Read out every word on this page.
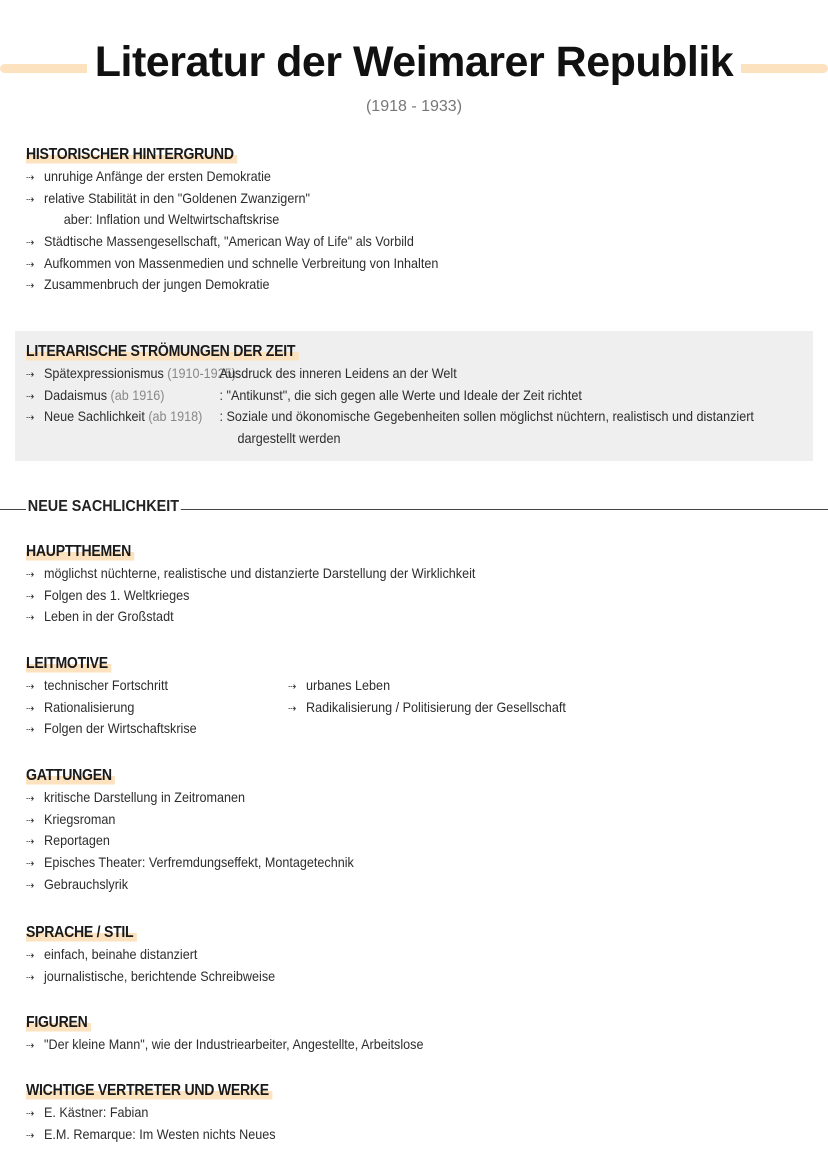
Literatur der Weimarer Republik
(1918 - 1933)
HISTORISCHER HINTERGRUND
⇢ unruhige Anfänge der ersten Demokratie
⇢ relative Stabilität in den "Goldenen Zwanzigern"
aber: Inflation und Weltwirtschaftskrise
⇢ Städtische Massengesellschaft, "American Way of Life" als Vorbild
⇢ Aufkommen von Massenmedien und schnelle Verbreitung von Inhalten
⇢ Zusammenbruch der jungen Demokratie
LITERARISCHE STRÖMUNGEN DER ZEIT
⇢ Spätexpressionismus (1910-1925):
Ausdruck des inneren Leidens an der Welt
⇢ Dadaismus (ab 1916)	: "Antikunst", die sich gegen alle Werte und Ideale der Zeit richtet
⇢ Neue Sachlichkeit (ab 1918)	: Soziale und ökonomische Gegebenheiten sollen möglichst nüchtern, realistisch und distanziert
dargestellt werden
NEUE SACHLICHKEIT
HAUPTTHEMEN
⇢ möglichst nüchterne, realistische und distanzierte Darstellung der Wirklichkeit
⇢ Folgen des 1. Weltkrieges
⇢ Leben in der Großstadt
LEITMOTIVE
⇢ technischer Fortschritt
⇢ Rationalisierung
⇢ Folgen der Wirtschaftskrise
⇢ urbanes Leben
⇢ Radikalisierung / Politisierung der Gesellschaft
GATTUNGEN
⇢ kritische Darstellung in Zeitromanen
⇢ Kriegsroman
⇢ Reportagen
⇢ Episches Theater: Verfremdungseffekt, Montagetechnik
⇢ Gebrauchslyrik
SPRACHE / STIL
⇢ einfach, beinahe distanziert
⇢ journalistische, berichtende Schreibweise
FIGUREN
⇢ "Der kleine Mann", wie der Industriearbeiter, Angestellte, Arbeitslose
WICHTIGE VERTRETER UND WERKE
⇢ E. Kästner: Fabian
⇢ E.M. Remarque: Im Westen nichts Neues
